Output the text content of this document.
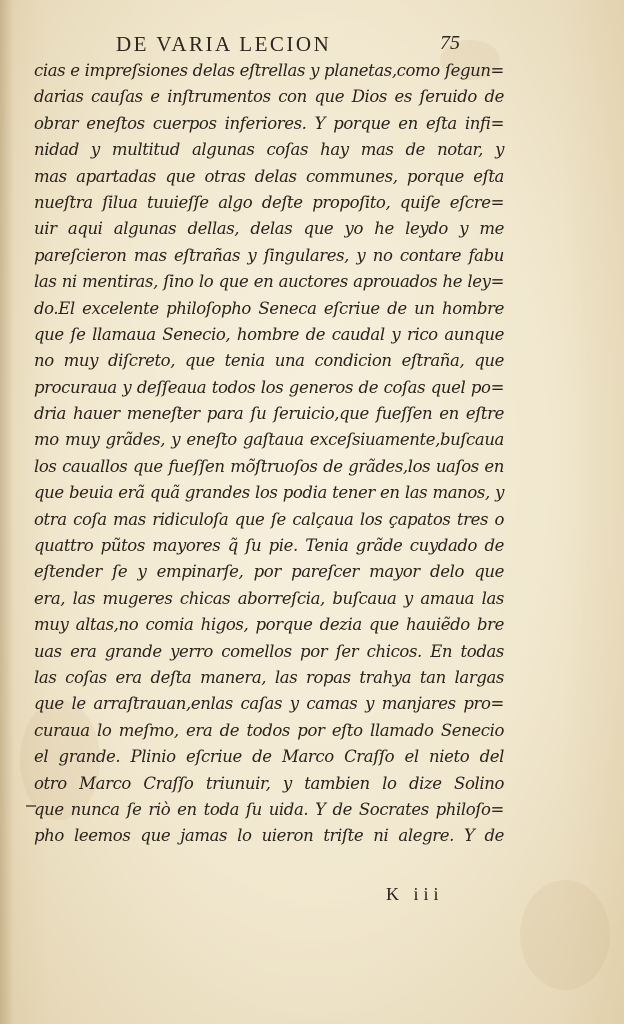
DE VARIA LECION	75
cias e impreſsiones delas eſtrellas y planetas,como ſegun=
darias cauſas e inſtrumentos con que Dios es ſeruido de
obrar eneſtos cuerpos inferiores. Y porque en eſta infi=
nidad y multitud algunas coſas hay mas de notar, y
mas apartadas que otras delas communes, porque eſta
nueſtra ſilua tuuieſſe algo deſte propoſito, quiſe eſcre=
uir aqui algunas dellas, delas que yo he leydo y me
pareſcieron mas eſtrañas y ſingulares, y no contare fabu
las ni mentiras, ſino lo que en auctores aprouados he ley=
do.El excelente philoſopho Seneca eſcriue de un hombre
que ſe llamaua Senecio, hombre de caudal y rico aunque
no muy diſcreto, que tenia una condicion eſtraña, que
procuraua y deſſeaua todos los generos de coſas quel po=
dria hauer meneſter para ſu ſeruicio,que fueſſen en eſtre
mo muy grãdes, y eneſto gaſtaua exceſsiuamente,buſcaua
los cauallos que fueſſen mõſtruoſos de grãdes,los uaſos en
que beuia erã quã grandes los podia tener en las manos, y
otra coſa mas ridiculoſa que ſe calçaua los çapatos tres o
quattro pũtos mayores q̃ ſu pie. Tenia grãde cuydado de
eſtender ſe y empinarſe, por pareſcer mayor delo que
era, las mugeres chicas aborreſcia, buſcaua y amaua las
muy altas,no comia higos, porque dezia que hauiẽdo bre
uas era grande yerro comellos por ſer chicos. En todas
las coſas era deſta manera, las ropas trahya tan largas
que le arraſtrauan,enlas caſas y camas y manjares pro=
curaua lo meſmo, era de todos por eſto llamado Senecio
el grande. Plinio eſcriue de Marco Craſſo el nieto del
otro Marco Craſſo triunuir, y tambien lo dize Solino
que nunca ſe riò en toda ſu uida. Y de Socrates philoſo=
pho leemos que jamas lo uieron triſte ni alegre. Y de
K iii
